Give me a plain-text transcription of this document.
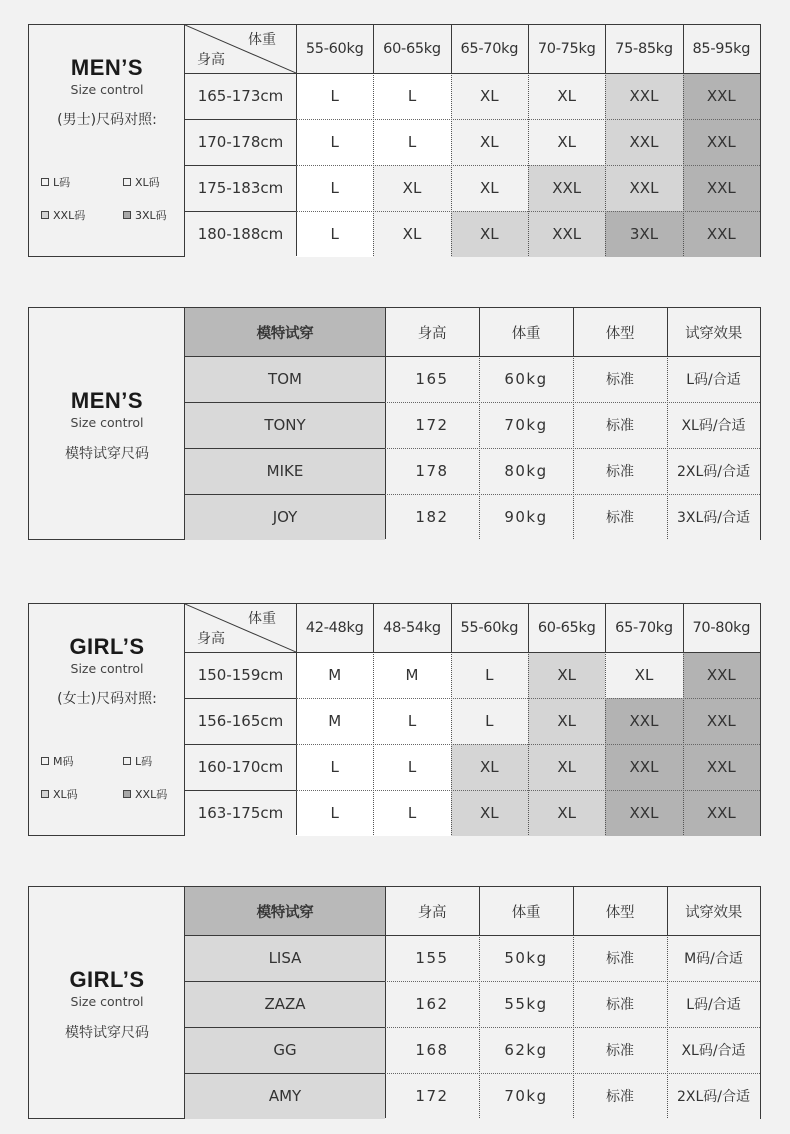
MEN’S
Size control
(男士)尺码对照:
L码	XL码
XXL码	3XL码
体重
身高
55-60kg	60-65kg	65-70kg	70-75kg	75-85kg	85-95kg
165-173cm	L	L	XL	XL	XXL	XXL
170-178cm	L	L	XL	XL	XXL	XXL
175-183cm	L	XL	XL	XXL	XXL	XXL
180-188cm	L	XL	XL	XXL	3XL	XXL
MEN’S
Size control
模特试穿尺码
模特试穿	身高	体重	体型	试穿效果
TOM	165	60kg	标准	L码/合适
TONY	172	70kg	标准	XL码/合适
MIKE	178	80kg	标准	2XL码/合适
JOY	182	90kg	标准	3XL码/合适
GIRL’S
Size control
(女士)尺码对照:
M码	L码
XL码	XXL码
体重
身高
42-48kg	48-54kg	55-60kg	60-65kg	65-70kg	70-80kg
150-159cm	M	M	L	XL	XL	XXL
156-165cm	M	L	L	XL	XXL	XXL
160-170cm	L	L	XL	XL	XXL	XXL
163-175cm	L	L	XL	XL	XXL	XXL
GIRL’S
Size control
模特试穿尺码
模特试穿	身高	体重	体型	试穿效果
LISA	155	50kg	标准	M码/合适
ZAZA	162	55kg	标准	L码/合适
GG	168	62kg	标准	XL码/合适
AMY	172	70kg	标准	2XL码/合适
